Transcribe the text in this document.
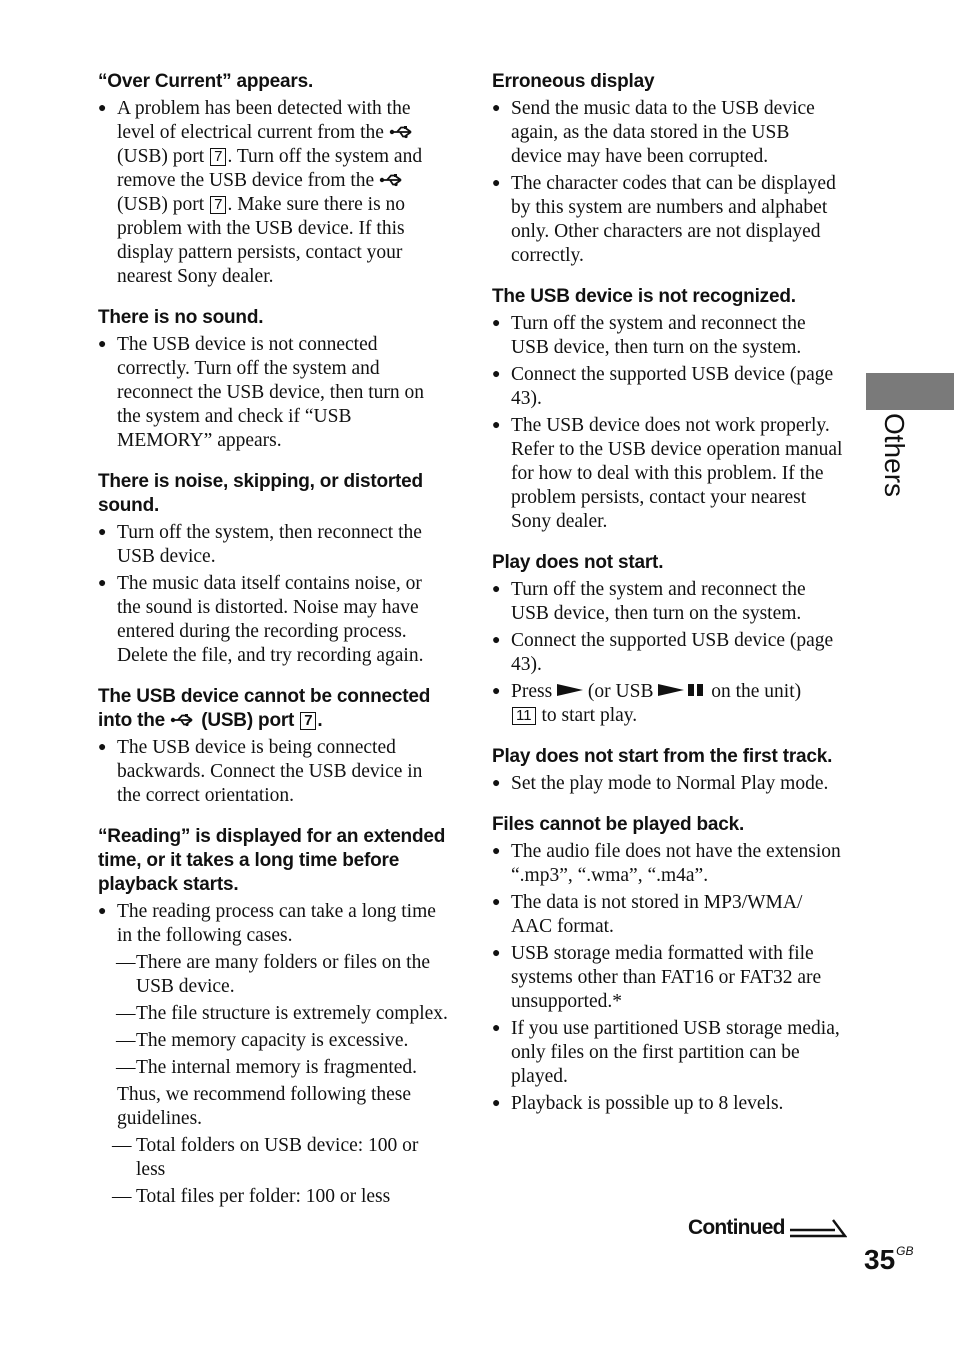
“Over Current” appears.
● A problem has been detected with the level of electrical current from the
(USB) port 7 . Turn off the system and remove the USB device from the
(USB) port 7 . Make sure there is no problem with the USB device. If this display pattern persists, contact your nearest Sony dealer.
There is no sound.
● The USB device is not connected correctly. Turn off the system and reconnect the USB device, then turn on the system and check if “USB MEMORY” appears.
There is noise, skipping, or distorted sound.
● Turn off the system, then reconnect the USB device.
● The music data itself contains noise, or the sound is distorted. Noise may have entered during the recording process. Delete the file, and try recording again.
The USB device cannot be connected into the (USB) port 7 .
● The USB device is being connected backwards. Connect the USB device in the correct orientation.
“Reading” is displayed for an extended time, or it takes a long time before playback starts.
● The reading process can take a long time in the following cases.
— There are many folders or files on the USB device.
— The file structure is extremely complex.
— The memory capacity is excessive.
— The internal memory is fragmented.

Thus, we recommend following these guidelines.

— Total folders on USB device: 100 or less
— Total files per folder: 100 or less
Erroneous display
● Send the music data to the USB device again, as the data stored in the USB device may have been corrupted.
● The character codes that can be displayed by this system are numbers and alphabet only. Other characters are not displayed correctly.
The USB device is not recognized.
● Turn off the system and reconnect the USB device, then turn on the system.
● Connect the supported USB device (page 43).
● The USB device does not work properly. Refer to the USB device operation manual for how to deal with this problem. If the problem persists, contact your nearest Sony dealer.
Play does not start.
● Turn off the system and reconnect the USB device, then turn on the system.
● Connect the supported USB device (page 43).
● Press (or USB	on the unit)
11 to start play.
Play does not start from the first track.
● Set the play mode to Normal Play mode.
Files cannot be played back.
● The audio file does not have the extension “.mp3”, “.wma”, “.m4a”.
● The data is not stored in MP3/WMA/ AAC format.
● USB storage media formatted with file systems other than FAT16 or FAT32 are unsupported.*
● If you use partitioned USB storage media, only files on the first partition can be played.
● Playback is possible up to 8 levels.
Others
Continued
$35^{GB}$
